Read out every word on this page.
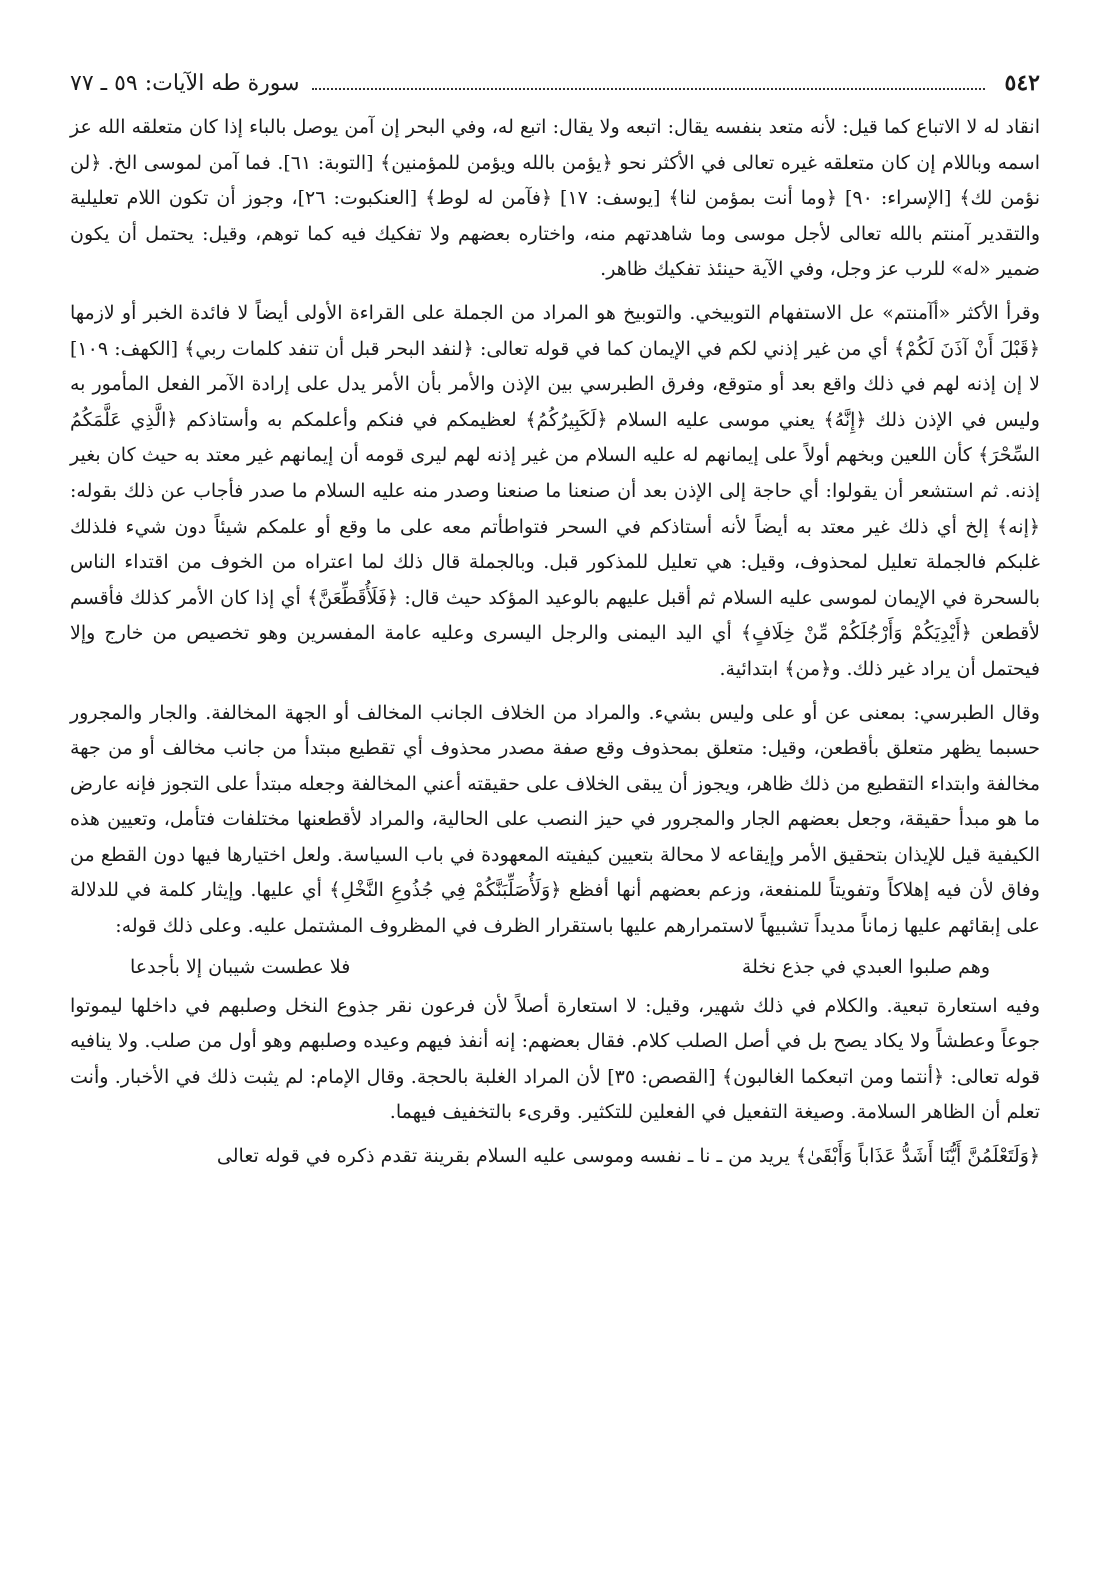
٥٤٢
سورة طه الآيات: ٥٩ ـ ٧٧

انقاد له لا الاتباع كما قيل: لأنه متعد بنفسه يقال: اتبعه ولا يقال: اتبع له، وفي البحر إن آمن يوصل بالباء إذا كان متعلقه الله عز اسمه وباللام إن كان متعلقه غيره تعالى في الأكثر نحو ﴿يؤمن بالله ويؤمن للمؤمنين﴾ [التوبة: ٦١]. فما آمن لموسى الخ. ﴿لن نؤمن لك﴾ [الإسراء: ٩٠] ﴿وما أنت بمؤمن لنا﴾ [يوسف: ١٧] ﴿فآمن له لوط﴾ [العنكبوت: ٢٦]، وجوز أن تكون اللام تعليلية والتقدير آمنتم بالله تعالى لأجل موسى وما شاهدتهم منه، واختاره بعضهم ولا تفكيك فيه كما توهم، وقيل: يحتمل أن يكون ضمير «له» للرب عز وجل، وفي الآية حينئذ تفكيك ظاهر.

وقرأ الأكثر «أآمنتم» عل الاستفهام التوبيخي. والتوبيخ هو المراد من الجملة على القراءة الأولى أيضاً لا فائدة الخبر أو لازمها ﴿قَبْلَ أَنْ آذَنَ لَكُمْ﴾ أي من غير إذني لكم في الإيمان كما في قوله تعالى: ﴿لنفد البحر قبل أن تنفد كلمات ربي﴾ [الكهف: ١٠٩] لا إن إذنه لهم في ذلك واقع بعد أو متوقع، وفرق الطبرسي بين الإذن والأمر بأن الأمر يدل على إرادة الآمر الفعل المأمور به وليس في الإذن ذلك ﴿إِنَّهُ﴾ يعني موسى عليه السلام ﴿لَكَبِيرُكُمُ﴾ لعظيمكم في فنكم وأعلمكم به وأستاذكم ﴿الَّذِي عَلَّمَكُمُ السِّحْرَ﴾ كأن اللعين وبخهم أولاً على إيمانهم له عليه السلام من غير إذنه لهم ليرى قومه أن إيمانهم غير معتد به حيث كان بغير إذنه. ثم استشعر أن يقولوا: أي حاجة إلى الإذن بعد أن صنعنا ما صنعنا وصدر منه عليه السلام ما صدر فأجاب عن ذلك بقوله: ﴿إنه﴾ إلخ أي ذلك غير معتد به أيضاً لأنه أستاذكم في السحر فتواطأتم معه على ما وقع أو علمكم شيئاً دون شيء فلذلك غلبكم فالجملة تعليل لمحذوف، وقيل: هي تعليل للمذكور قبل. وبالجملة قال ذلك لما اعتراه من الخوف من اقتداء الناس بالسحرة في الإيمان لموسى عليه السلام ثم أقبل عليهم بالوعيد المؤكد حيث قال: ﴿فَلَأُقَطِّعَنَّ﴾ أي إذا كان الأمر كذلك فأقسم لأقطعن ﴿أَيْدِيَكُمْ وَأَرْجُلَكُمْ مِّنْ خِلَافٍ﴾ أي اليد اليمنى والرجل اليسرى وعليه عامة المفسرين وهو تخصيص من خارج وإلا فيحتمل أن يراد غير ذلك. و﴿من﴾ ابتدائية.

وقال الطبرسي: بمعنى عن أو على وليس بشيء. والمراد من الخلاف الجانب المخالف أو الجهة المخالفة. والجار والمجرور حسبما يظهر متعلق بأقطعن، وقيل: متعلق بمحذوف وقع صفة مصدر محذوف أي تقطيع مبتدأ من جانب مخالف أو من جهة مخالفة وابتداء التقطيع من ذلك ظاهر، ويجوز أن يبقى الخلاف على حقيقته أعني المخالفة وجعله مبتدأ على التجوز فإنه عارض ما هو مبدأ حقيقة، وجعل بعضهم الجار والمجرور في حيز النصب على الحالية، والمراد لأقطعنها مختلفات فتأمل، وتعيين هذه الكيفية قيل للإيذان بتحقيق الأمر وإيقاعه لا محالة بتعيين كيفيته المعهودة في باب السياسة. ولعل اختيارها فيها دون القطع من وفاق لأن فيه إهلاكاً وتفويتاً للمنفعة، وزعم بعضهم أنها أفظع ﴿وَلَأُصَلِّبَنَّكُمْ فِي جُذُوعِ النَّخْلِ﴾ أي عليها. وإيثار كلمة في للدلالة على إبقائهم عليها زماناً مديداً تشبيهاً لاستمرارهم عليها باستقرار الظرف في المظروف المشتمل عليه. وعلى ذلك قوله:

وهم صلبوا العبدي في جذع نخلة
فلا عطست شيبان إلا بأجدعا

وفيه استعارة تبعية. والكلام في ذلك شهير، وقيل: لا استعارة أصلاً لأن فرعون نقر جذوع النخل وصلبهم في داخلها ليموتوا جوعاً وعطشاً ولا يكاد يصح بل في أصل الصلب كلام. فقال بعضهم: إنه أنفذ فيهم وعيده وصلبهم وهو أول من صلب. ولا ينافيه قوله تعالى: ﴿أنتما ومن اتبعكما الغالبون﴾ [القصص: ٣٥] لأن المراد الغلبة بالحجة. وقال الإمام: لم يثبت ذلك في الأخبار. وأنت تعلم أن الظاهر السلامة. وصيغة التفعيل في الفعلين للتكثير. وقرىء بالتخفيف فيهما.

﴿وَلَتَعْلَمُنَّ أَيُّنَا أَشَدُّ عَذَاباً وَأَبْقَىٰ﴾ يريد من ـ نا ـ نفسه وموسى عليه السلام بقرينة تقدم ذكره في قوله تعالى
